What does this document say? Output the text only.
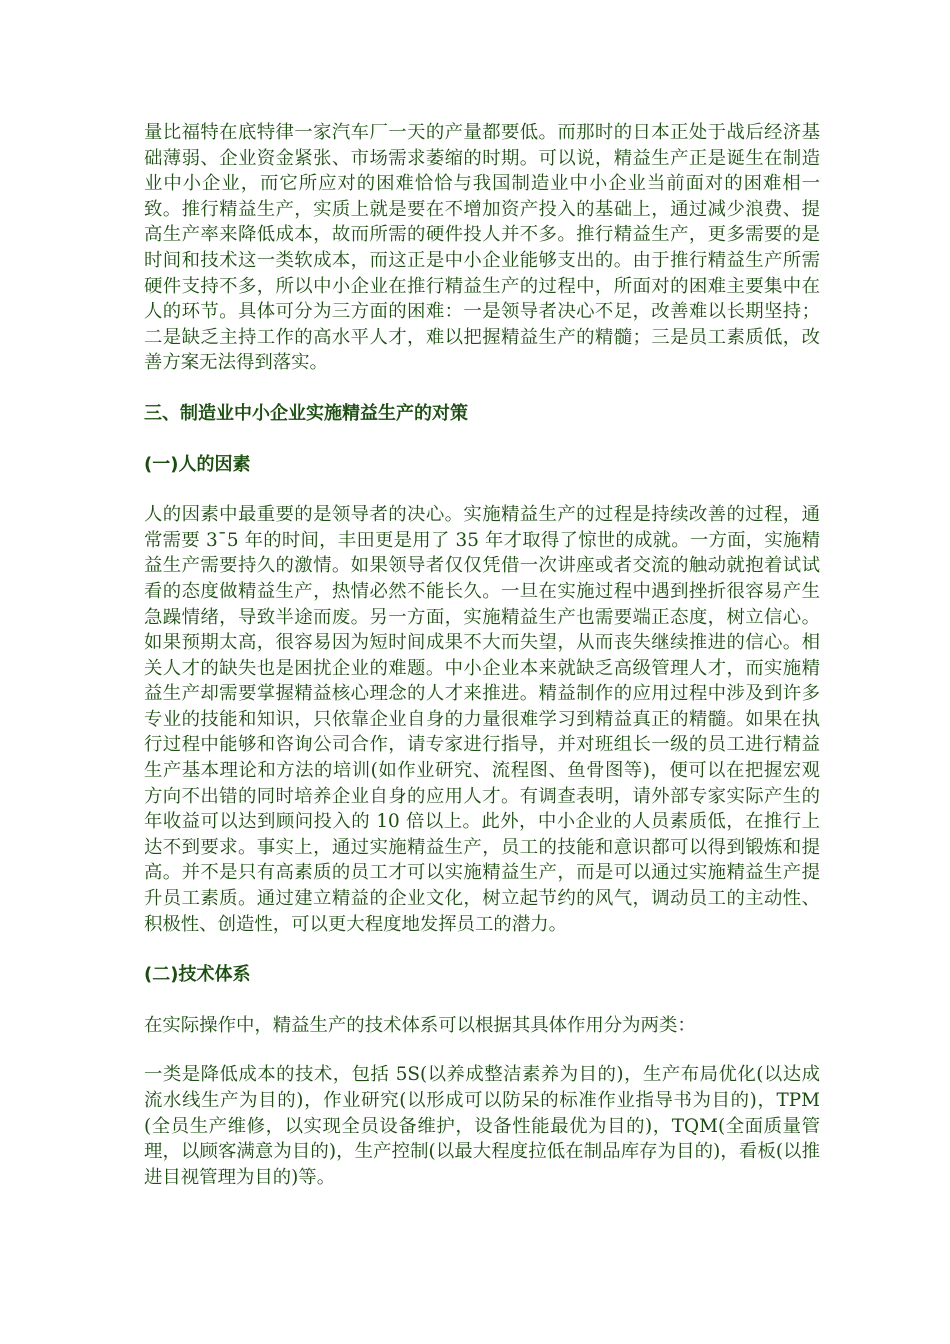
量比福特在底特律一家汽车厂一天的产量都要低。而那时的日本正处于战后经济基础薄弱、企业资金紧张、市场需求萎缩的时期。可以说，精益生产正是诞生在制造业中小企业，而它所应对的困难恰恰与我国制造业中小企业当前面对的困难相一致。推行精益生产，实质上就是要在不增加资产投入的基础上，通过减少浪费、提高生产率来降低成本，故而所需的硬件投人并不多。推行精益生产，更多需要的是时间和技术这一类软成本，而这正是中小企业能够支出的。由于推行精益生产所需硬件支持不多，所以中小企业在推行精益生产的过程中，所面对的困难主要集中在人的环节。具体可分为三方面的困难：一是领导者决心不足，改善难以长期坚持；二是缺乏主持工作的高水平人才，难以把握精益生产的精髓；三是员工素质低，改善方案无法得到落实。

三、制造业中小企业实施精益生产的对策

(一)人的因素

人的因素中最重要的是领导者的决心。实施精益生产的过程是持续改善的过程，通常需要 3¯5 年的时间，丰田更是用了 35 年才取得了惊世的成就。一方面，实施精益生产需要持久的激情。如果领导者仅仅凭借一次讲座或者交流的触动就抱着试试看的态度做精益生产，热情必然不能长久。一旦在实施过程中遇到挫折很容易产生急躁情绪，导致半途而废。另一方面，实施精益生产也需要端正态度，树立信心。如果预期太高，很容易因为短时间成果不大而失望，从而丧失继续推进的信心。相关人才的缺失也是困扰企业的难题。中小企业本来就缺乏高级管理人才，而实施精益生产却需要掌握精益核心理念的人才来推进。精益制作的应用过程中涉及到许多专业的技能和知识，只依靠企业自身的力量很难学习到精益真正的精髓。如果在执行过程中能够和咨询公司合作，请专家进行指导，并对班组长一级的员工进行精益生产基本理论和方法的培训(如作业研究、流程图、鱼骨图等)，便可以在把握宏观方向不出错的同时培养企业自身的应用人才。有调查表明，请外部专家实际产生的年收益可以达到顾问投入的 10 倍以上。此外，中小企业的人员素质低，在推行上达不到要求。事实上，通过实施精益生产，员工的技能和意识都可以得到锻炼和提高。并不是只有高素质的员工才可以实施精益生产，而是可以通过实施精益生产提升员工素质。通过建立精益的企业文化，树立起节约的风气，调动员工的主动性、积极性、创造性，可以更大程度地发挥员工的潜力。

(二)技术体系

在实际操作中，精益生产的技术体系可以根据其具体作用分为两类：

一类是降低成本的技术，包括 5S(以养成整洁素养为目的)，生产布局优化(以达成流水线生产为目的)，作业研究(以形成可以防呆的标准作业指导书为目的)，TPM(全员生产维修，以实现全员设备维护，设备性能最优为目的)，TQM(全面质量管理，以顾客满意为目的)，生产控制(以最大程度拉低在制品库存为目的)，看板(以推进目视管理为目的)等。
